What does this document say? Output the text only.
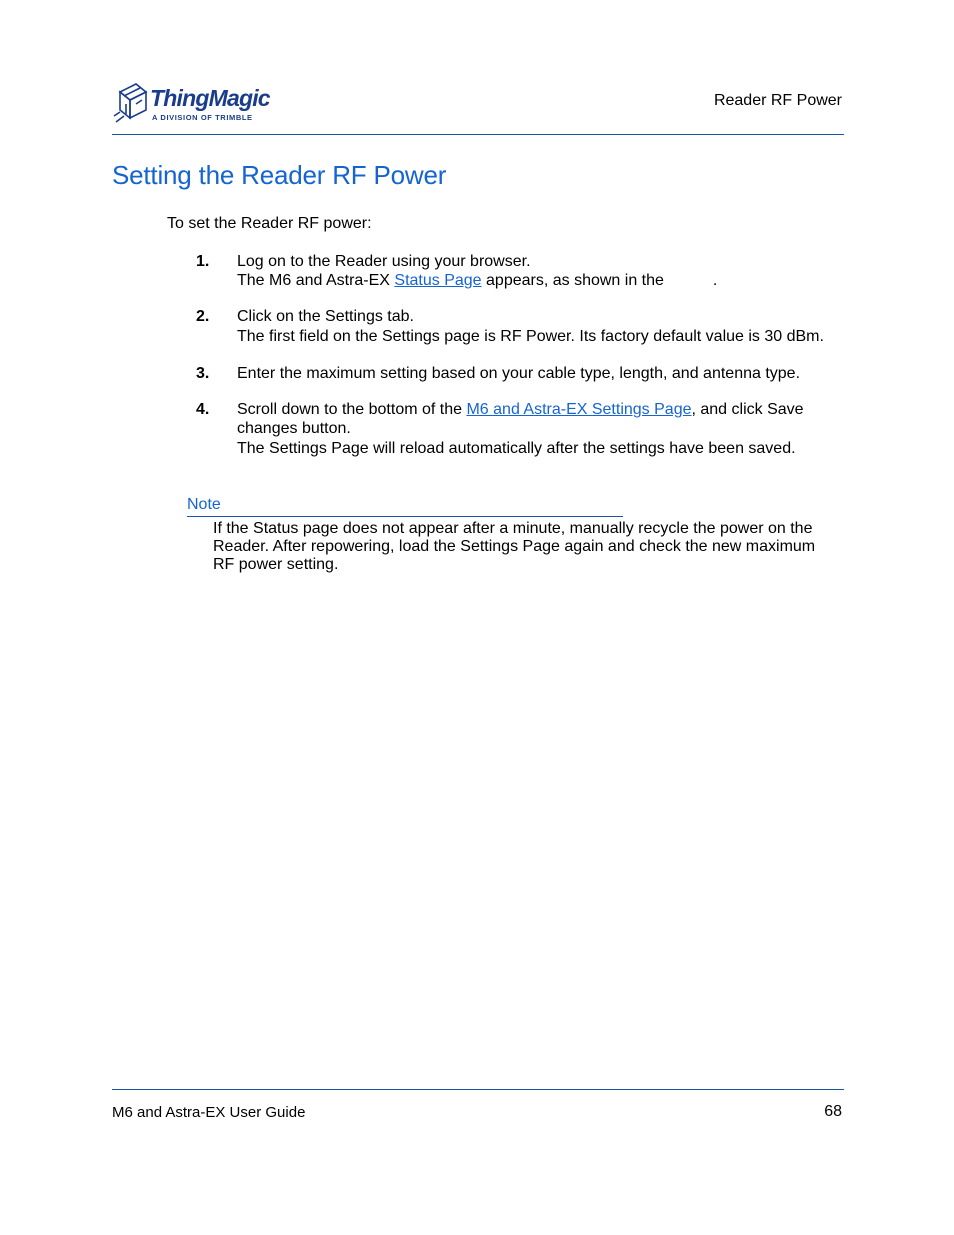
ThingMagic
A DIVISION OF TRIMBLE
Reader RF Power
Setting the Reader RF Power

To set the Reader RF power:

1. Log on to the Reader using your browser.
The M6 and Astra-EX Status Page appears, as shown in the           .
2. Click on the Settings tab.
The first field on the Settings page is RF Power. Its factory default value is 30 dBm.
3. Enter the maximum setting based on your cable type, length, and antenna type.
4. Scroll down to the bottom of the M6 and Astra-EX Settings Page, and click Save changes button.
The Settings Page will reload automatically after the settings have been saved.
Note

If the Status page does not appear after a minute, manually recycle the power on the Reader. After repowering, load the Settings Page again and check the new maximum RF power setting.

M6 and Astra-EX User Guide	68
